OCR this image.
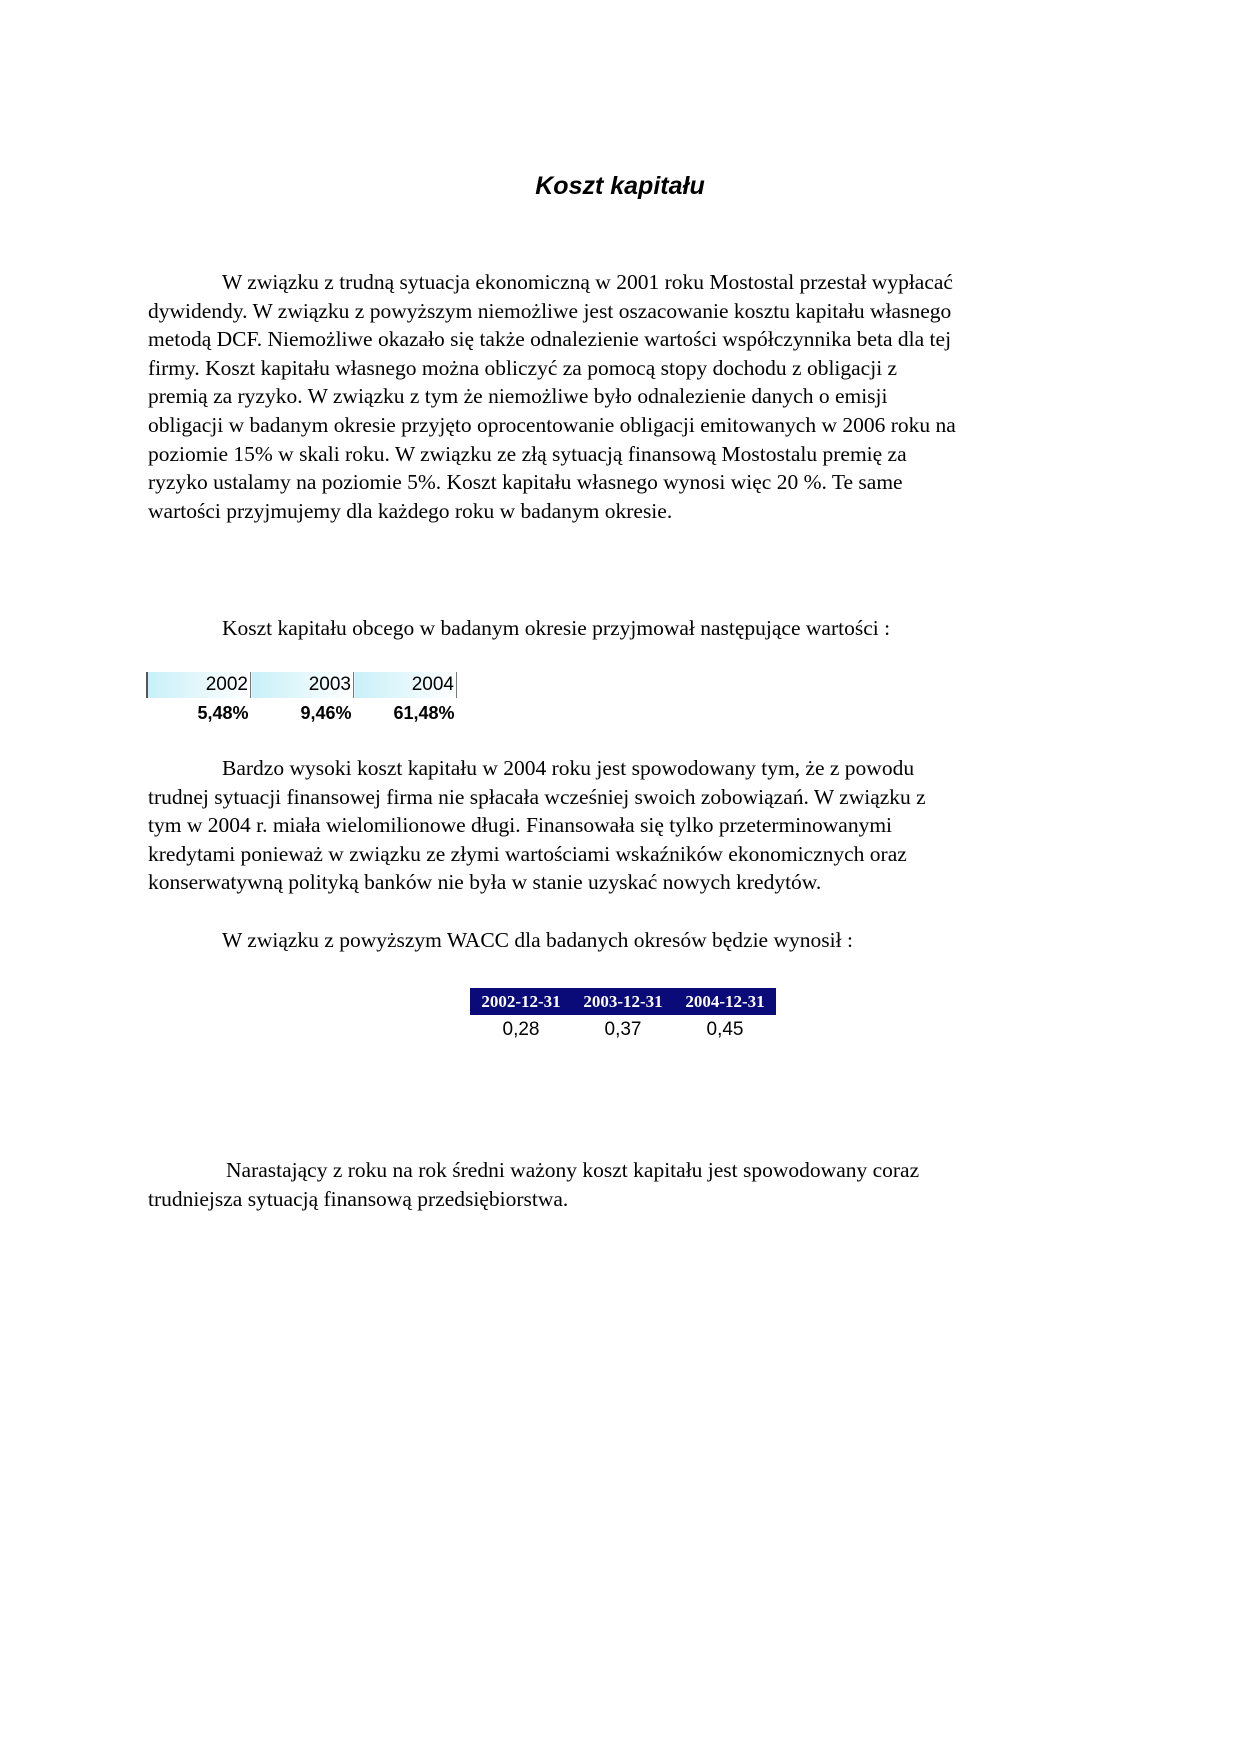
Koszt kapitału

W związku z trudną sytuacja ekonomiczną w 2001 roku Mostostal przestał wypłacać
dywidendy. W związku z powyższym niemożliwe jest oszacowanie kosztu kapitału własnego
metodą DCF. Niemożliwe okazało się także odnalezienie wartości współczynnika beta dla tej
firmy. Koszt kapitału własnego można obliczyć za pomocą stopy dochodu z obligacji z
premią za ryzyko. W związku z tym że niemożliwe było odnalezienie danych o emisji
obligacji w badanym okresie przyjęto oprocentowanie obligacji emitowanych w 2006 roku na
poziomie 15% w skali roku. W związku ze złą sytuacją finansową Mostostalu premię za
ryzyko ustalamy na poziomie 5%. Koszt kapitału własnego wynosi więc 20 %. Te same
wartości przyjmujemy dla każdego roku w badanym okresie.

Koszt kapitału obcego w badanym okresie przyjmował następujące wartości :

2002	2003	2004
5,48%	9,46%	61,48%

Bardzo wysoki koszt kapitału w 2004 roku jest spowodowany tym, że z powodu
trudnej sytuacji finansowej firma nie spłacała wcześniej swoich zobowiązań. W związku z
tym w 2004 r. miała wielomilionowe długi. Finansowała się tylko przeterminowanymi
kredytami ponieważ w związku ze złymi wartościami wskaźników ekonomicznych oraz
konserwatywną polityką banków nie była w stanie uzyskać nowych kredytów.

W związku z powyższym WACC dla badanych okresów będzie wynosił :

2002-12-31	2003-12-31	2004-12-31
0,28	0,37	0,45

Narastający z roku na rok średni ważony koszt kapitału jest spowodowany coraz
trudniejsza sytuacją finansową przedsiębiorstwa.
